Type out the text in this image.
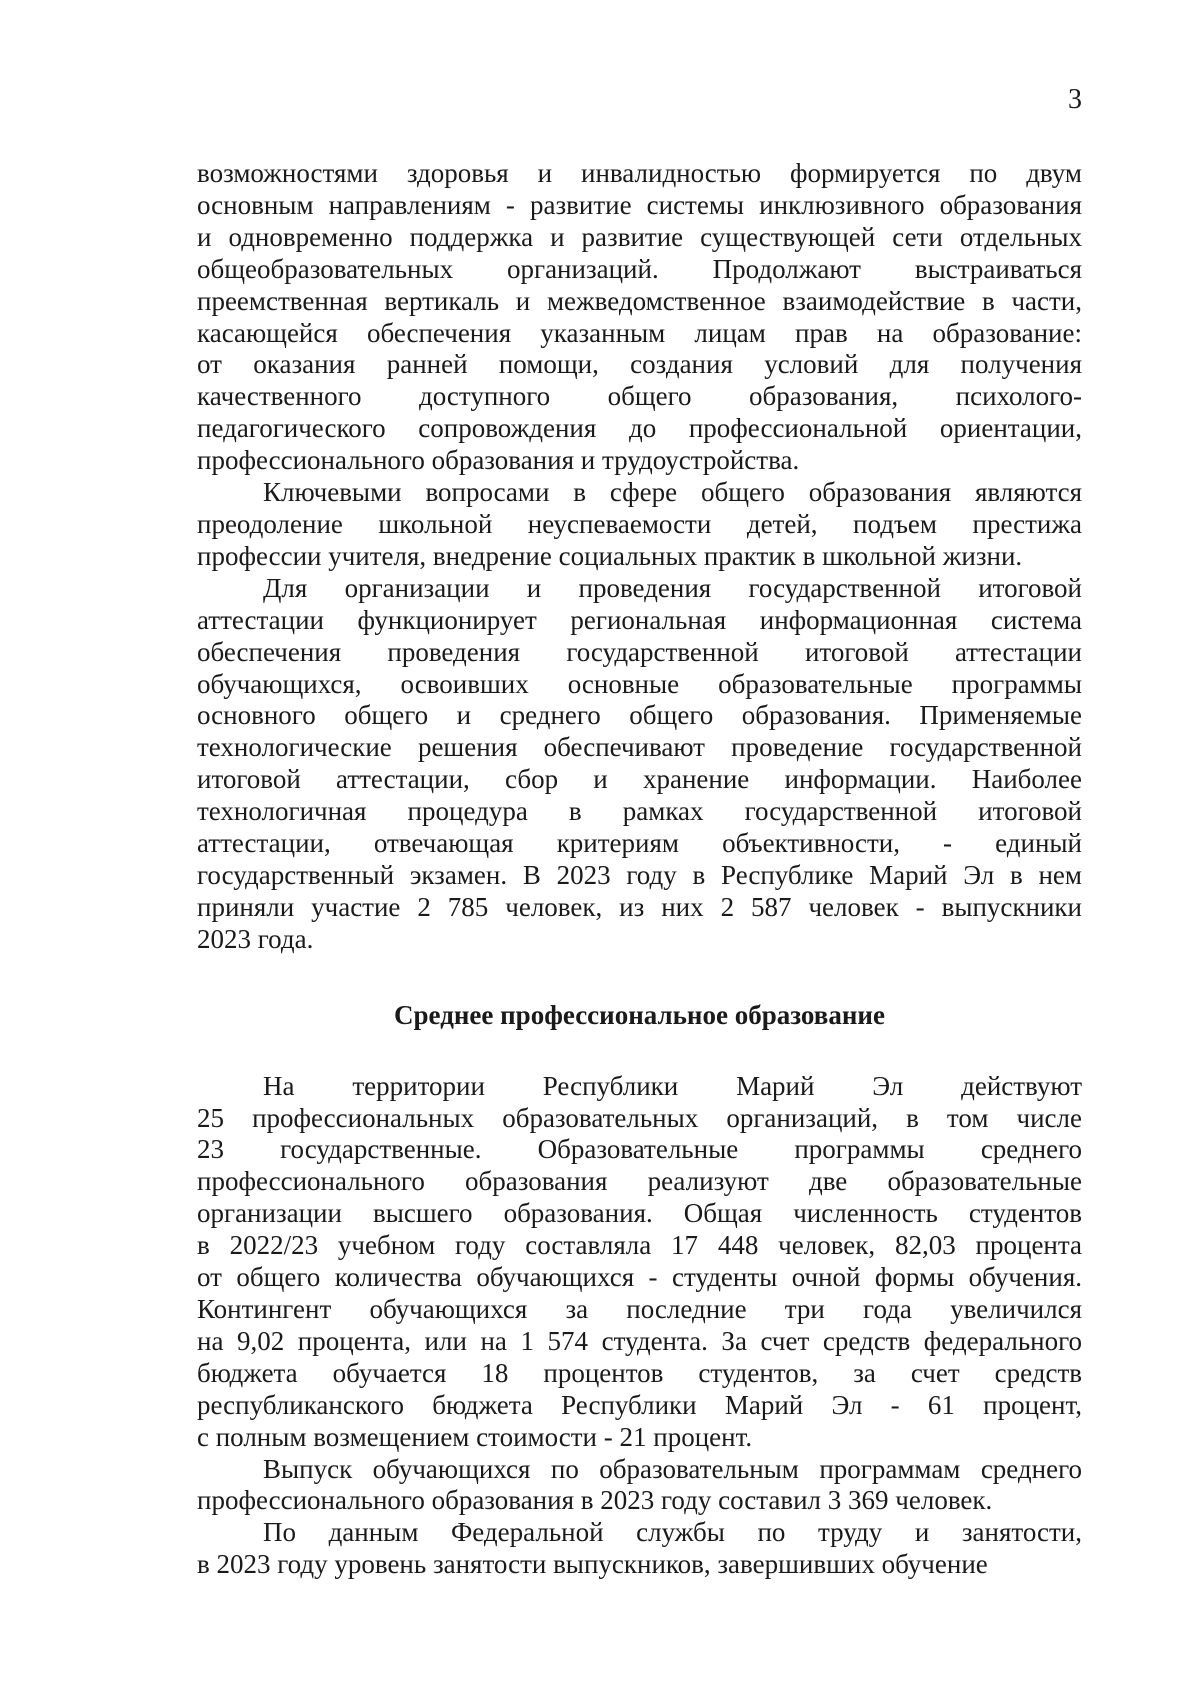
3

возможностями здоровья и инвалидностью формируется по двум
основным направлениям - развитие системы инклюзивного образования
и одновременно поддержка и развитие существующей сети отдельных
общеобразовательных организаций. Продолжают выстраиваться
преемственная вертикаль и межведомственное взаимодействие в части,
касающейся обеспечения указанным лицам прав на образование:
от оказания ранней помощи, создания условий для получения
качественного доступного общего образования, психолого-
педагогического сопровождения до профессиональной ориентации,
профессионального образования и трудоустройства.

Ключевыми вопросами в сфере общего образования являются
преодоление школьной неуспеваемости детей, подъем престижа
профессии учителя, внедрение социальных практик в школьной жизни.

Для организации и проведения государственной итоговой
аттестации функционирует региональная информационная система
обеспечения проведения государственной итоговой аттестации
обучающихся, освоивших основные образовательные программы
основного общего и среднего общего образования. Применяемые
технологические решения обеспечивают проведение государственной
итоговой аттестации, сбор и хранение информации. Наиболее
технологичная процедура в рамках государственной итоговой
аттестации, отвечающая критериям объективности, - единый
государственный экзамен. В 2023 году в Республике Марий Эл в нем
приняли участие 2 785 человек, из них 2 587 человек - выпускники
2023 года.

Среднее профессиональное образование

На территории Республики Марий Эл действуют
25 профессиональных образовательных организаций, в том числе
23 государственные. Образовательные программы среднего
профессионального образования реализуют две образовательные
организации высшего образования. Общая численность студентов
в 2022/23 учебном году составляла 17 448 человек, 82,03 процента
от общего количества обучающихся - студенты очной формы обучения.
Контингент обучающихся за последние три года увеличился
на 9,02 процента, или на 1 574 студента. За счет средств федерального
бюджета обучается 18 процентов студентов, за счет средств
республиканского бюджета Республики Марий Эл - 61 процент,
с полным возмещением стоимости - 21 процент.

Выпуск обучающихся по образовательным программам среднего
профессионального образования в 2023 году составил 3 369 человек.

По данным Федеральной службы по труду и занятости,
в 2023 году уровень занятости выпускников, завершивших обучение
